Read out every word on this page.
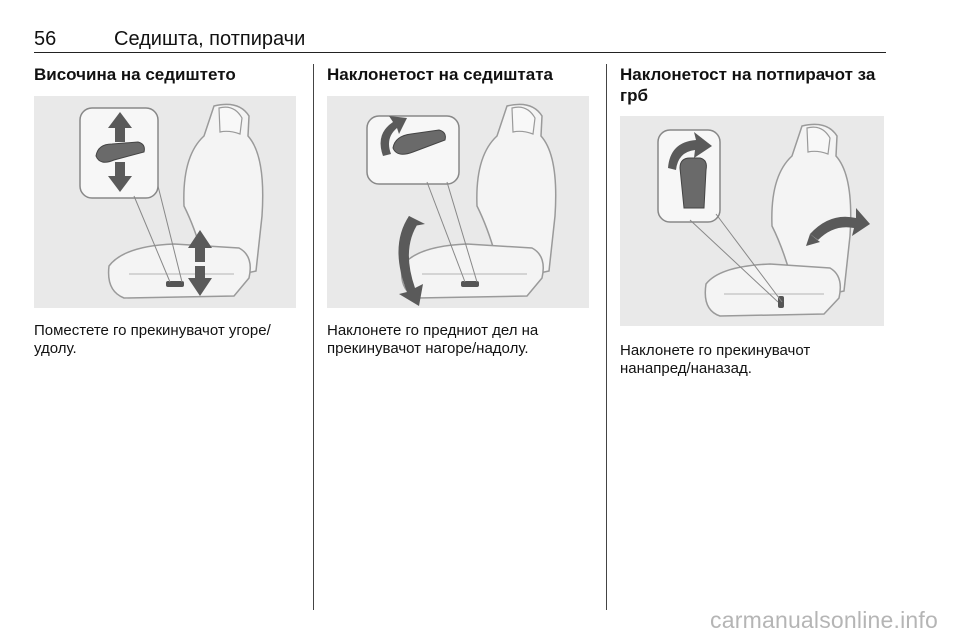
56	Седишта, потпирачи
Височина на седиштето
Поместете го прекинувачот угоре/ удолу.
Наклонетост на седиштата
Наклонете го предниот дел на прекинувачот нагоре/надолу.
Наклонетост на потпирачот за грб
Наклонете го прекинувачот нанапред/наназад.
carmanualsonline.info
